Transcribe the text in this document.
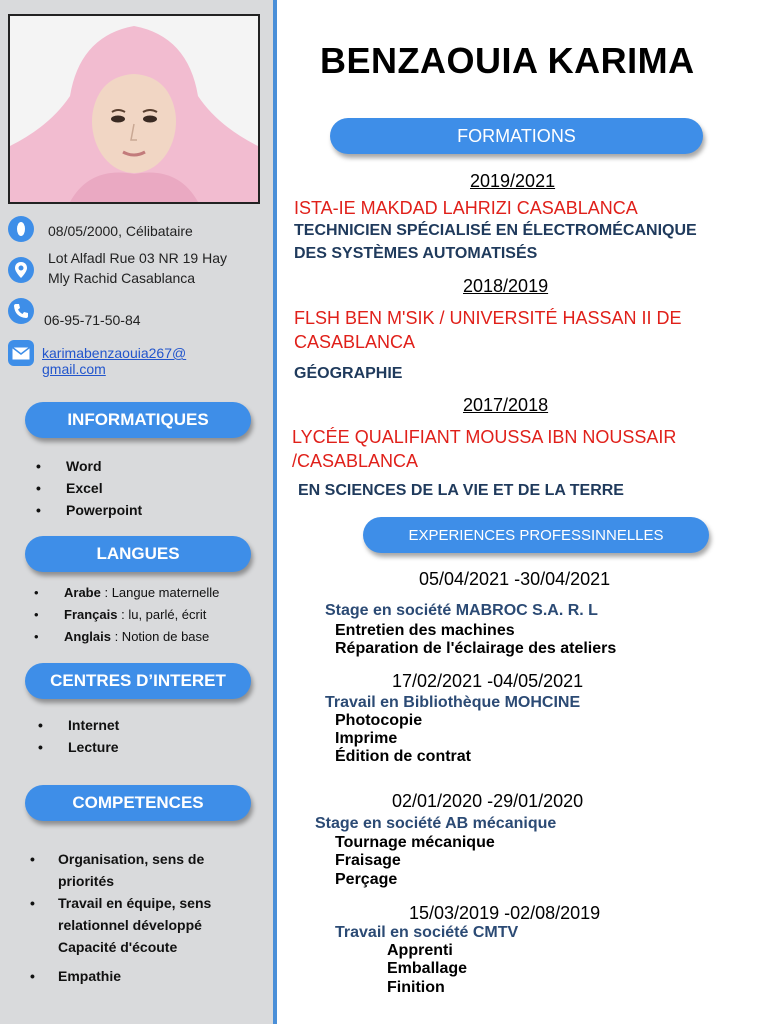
08/05/2000, Célibataire
Lot Alfadl Rue 03 NR 19 Hay
Mly Rachid Casablanca
06-95-71-50-84
karimabenzaouia267@
gmail.com
INFORMATIQUES
• Word
• Excel
• Powerpoint
LANGUES
• Arabe : Langue maternelle
• Français : lu, parlé, écrit
• Anglais : Notion de base
CENTRES D’INTERET
• Internet
• Lecture
COMPETENCES
• Organisation, sens de
priorités
• Travail en équipe, sens
relationnel développé
Capacité d'écoute
• Empathie
BENZAOUIA KARIMA
FORMATIONS
2019/2021
ISTA-IE MAKDAD LAHRIZI CASABLANCA
TECHNICIEN SPÉCIALISÉ EN ÉLECTROMÉCANIQUE
DES SYSTÈMES AUTOMATISÉS
2018/2019
FLSH BEN M'SIK / UNIVERSITÉ HASSAN II DE
CASABLANCA
GÉOGRAPHIE
2017/2018
LYCÉE QUALIFIANT MOUSSA IBN NOUSSAIR
/CASABLANCA
EN SCIENCES DE LA VIE ET DE LA TERRE
EXPERIENCES PROFESSINNELLES
05/04/2021 -30/04/2021
Stage en société MABROC S.A. R. L
Entretien des machines
Réparation de l'éclairage des ateliers
17/02/2021 -04/05/2021
Travail en Bibliothèque MOHCINE
Photocopie
Imprime
Édition de contrat
02/01/2020 -29/01/2020
Stage en société AB mécanique
Tournage mécanique
Fraisage
Perçage
15/03/2019 -02/08/2019
Travail en société CMTV
Apprenti
Emballage
Finition
